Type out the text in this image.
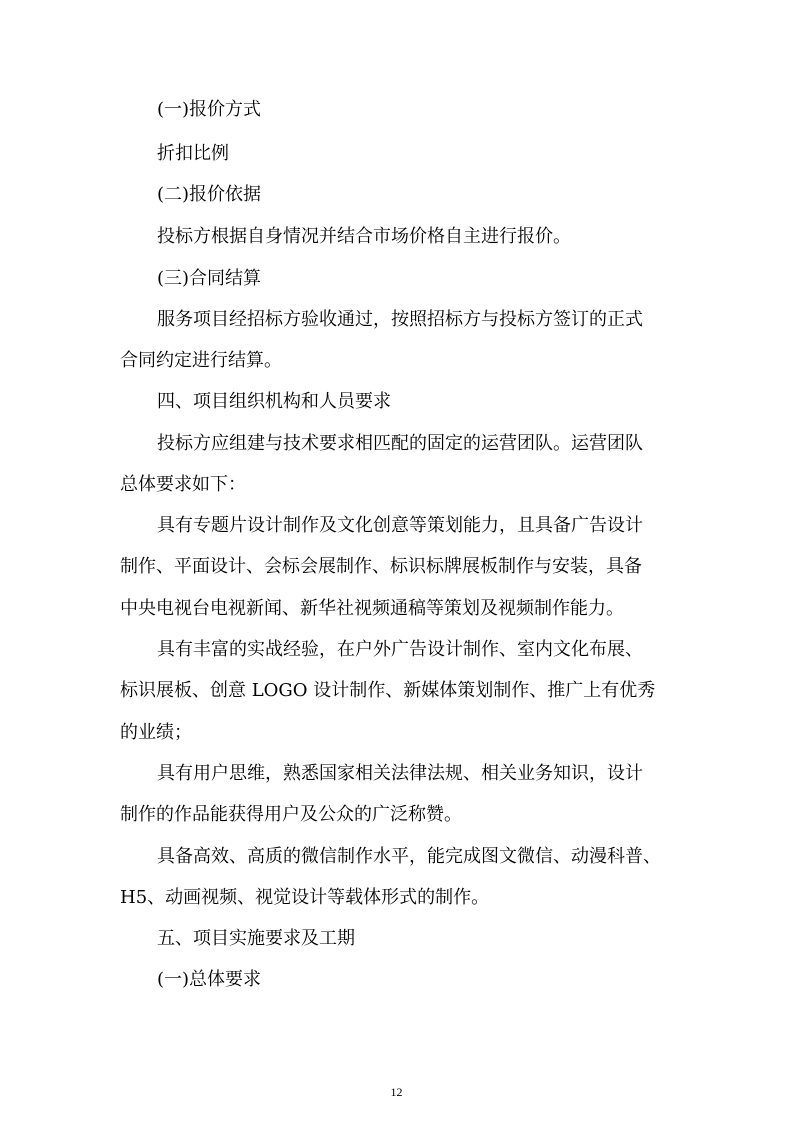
(一)报价方式
折扣比例
(二)报价依据
投标方根据自身情况并结合市场价格自主进行报价。
(三)合同结算
服务项目经招标方验收通过，按照招标方与投标方签订的正式
合同约定进行结算。
四、项目组织机构和人员要求
投标方应组建与技术要求相匹配的固定的运营团队。运营团队
总体要求如下：
具有专题片设计制作及文化创意等策划能力，且具备广告设计
制作、平面设计、会标会展制作、标识标牌展板制作与安装，具备
中央电视台电视新闻、新华社视频通稿等策划及视频制作能力。
具有丰富的实战经验，在户外广告设计制作、室内文化布展、
标识展板、创意 LOGO 设计制作、新媒体策划制作、推广上有优秀
的业绩；
具有用户思维，熟悉国家相关法律法规、相关业务知识，设计
制作的作品能获得用户及公众的广泛称赞。
具备高效、高质的微信制作水平，能完成图文微信、动漫科普、
H5、动画视频、视觉设计等载体形式的制作。
五、项目实施要求及工期
(一)总体要求
12
